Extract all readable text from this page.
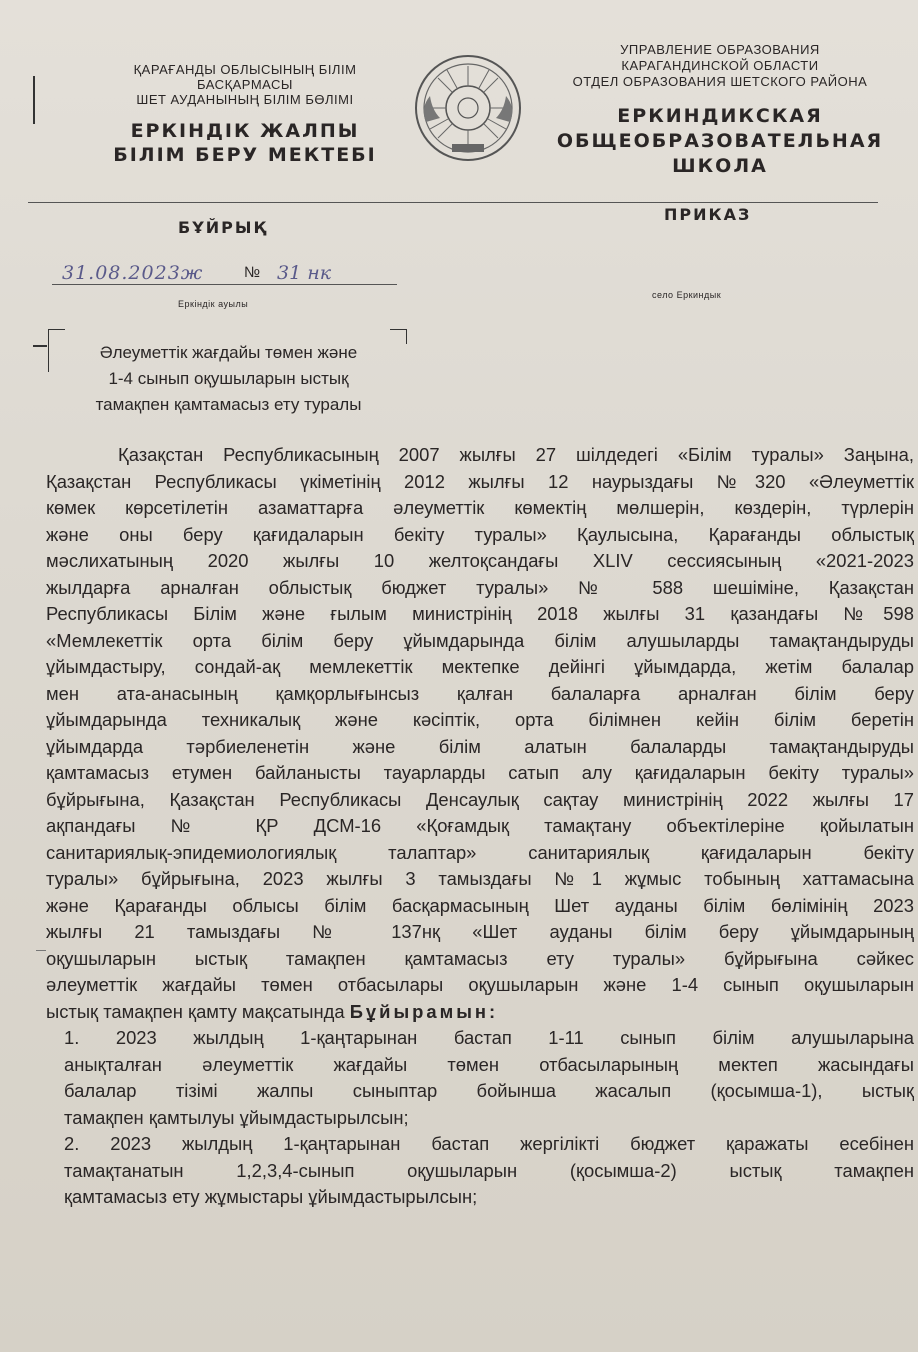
ҚАРАҒАНДЫ ОБЛЫСЫНЫҢ БІЛІМ
БАСҚАРМАСЫ
ШЕТ АУДАНЫНЫҢ БІЛІМ БӨЛІМІ
ЕРКІНДІК ЖАЛПЫ
БІЛІМ БЕРУ МЕКТЕБІ
УПРАВЛЕНИЕ ОБРАЗОВАНИЯ
КАРАГАНДИНСКОЙ ОБЛАСТИ
ОТДЕЛ ОБРАЗОВАНИЯ ШЕТСКОГО РАЙОНА
ЕРКИНДИКСКАЯ
ОБЩЕОБРАЗОВАТЕЛЬНАЯ
ШКОЛА
БҰЙРЫҚ
ПРИКАЗ
31.08.2023ж	№ 31 нк
Еркіндік ауылы
село Еркиндык
Әлеуметтік жағдайы төмен және
1-4 сынып оқушыларын ыстық
тамақпен қамтамасыз ету туралы
Қазақстан Республикасының 2007 жылғы 27 шілдедегі «Білім туралы» Заңына,
Қазақстан Республикасы үкіметінің 2012 жылғы 12 наурыздағы №320 «Әлеуметтік
көмек көрсетілетін азаматтарға әлеуметтік көмектің мөлшерін, көздерін, түрлерін
және оны беру қағидаларын бекіту туралы» Қаулысына, Қарағанды облыстық
мәслихатының 2020 жылғы 10 желтоқсандағы XLIV сессиясының «2021-2023
жылдарға арналған облыстық бюджет туралы» № 588 шешіміне, Қазақстан
Республикасы Білім және ғылым министрінің 2018 жылғы 31 қазандағы №598
«Мемлекеттік орта білім беру ұйымдарында білім алушыларды тамақтандыруды
ұйымдастыру, сондай-ақ мемлекеттік мектепке дейінгі ұйымдарда, жетім балалар
мен ата-анасының қамқорлығынсыз қалған балаларға арналған білім беру
ұйымдарында техникалық және кәсіптік, орта білімнен кейін білім беретін
ұйымдарда тәрбиеленетін және білім алатын балаларды тамақтандыруды
қамтамасыз етумен байланысты тауарларды сатып алу қағидаларын бекіту туралы»
бұйрығына, Қазақстан Республикасы Денсаулық сақтау министрінің 2022 жылғы 17
ақпандағы № ҚР ДСМ-16 «Қоғамдық тамақтану объектілеріне қойылатын
санитариялық-эпидемиологиялық талаптар» санитариялық қағидаларын бекіту
туралы» бұйрығына, 2023 жылғы 3 тамыздағы №1 жұмыс тобының хаттамасына
және Қарағанды облысы білім басқармасының Шет ауданы білім бөлімінің 2023
жылғы 21 тамыздағы № 137нқ «Шет ауданы білім беру ұйымдарының
оқушыларын ыстық тамақпен қамтамасыз ету туралы» бұйрығына сәйкес
әлеуметтік жағдайы төмен отбасылары оқушыларын және 1-4 сынып оқушыларын
ыстық тамақпен қамту мақсатында Бұйырамын:
1. 2023 жылдың 1-қаңтарынан бастап 1-11 сынып білім алушыларына
анықталған әлеуметтік жағдайы төмен отбасыларының мектеп жасындағы
балалар тізімі жалпы сыныптар бойынша жасалып (қосымша-1), ыстық
тамақпен қамтылуы ұйымдастырылсын;
2. 2023 жылдың 1-қаңтарынан бастап жергілікті бюджет қаражаты есебінен
тамақтанатын 1,2,3,4-сынып оқушыларын (қосымша-2) ыстық тамақпен
қамтамасыз ету жұмыстары ұйымдастырылсын;
